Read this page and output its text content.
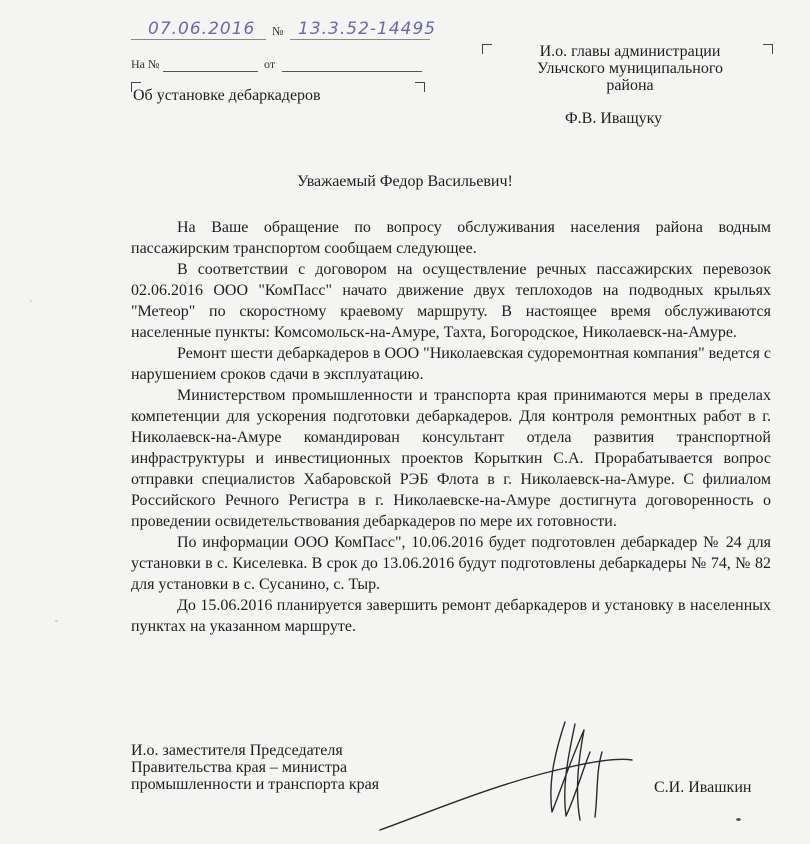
07.06.2016 № 13.3.52-14495
На №	от
И.о. главы администрации
Ульчского муниципального
района
Об установке дебаркадеров
Ф.В. Иващуку
Уважаемый Федор Васильевич!

На Ваше обращение по вопросу обслуживания населения района водным пассажирским транспортом сообщаем следующее.

В соответствии с договором на осуществление речных пассажирских перевозок 02.06.2016 ООО "КомПасс" начато движение двух теплоходов на подводных крыльях "Метеор" по скоростному краевому маршруту. В настоящее время обслуживаются населенные пункты: Комсомольск-на-Амуре, Тахта, Богородское, Николаевск-на-Амуре.

Ремонт шести дебаркадеров в ООО "Николаевская судоремонтная компания" ведется с нарушением сроков сдачи в эксплуатацию.

Министерством промышленности и транспорта края принимаются меры в пределах компетенции для ускорения подготовки дебаркадеров. Для контроля ремонтных работ в г. Николаевск-на-Амуре командирован консультант отдела развития транспортной инфраструктуры и инвестиционных проектов Корыткин С.А. Прорабатывается вопрос отправки специалистов Хабаровской РЭБ Флота в г. Николаевск-на-Амуре. С филиалом Российского Речного Регистра в г. Николаевске-на-Амуре достигнута договоренность о проведении освидетельствования дебаркадеров по мере их готовности.

По информации ООО КомПасс", 10.06.2016 будет подготовлен дебаркадер № 24 для установки в с. Киселевка. В срок до 13.06.2016 будут подготовлены дебаркадеры № 74, № 82 для установки в с. Сусанино, с. Тыр.

До 15.06.2016 планируется завершить ремонт дебаркадеров и установку в населенных пунктах на указанном маршруте.

И.о. заместителя Председателя
Правительства края – министра
промышленности и транспорта края	С.И. Ивашкин
